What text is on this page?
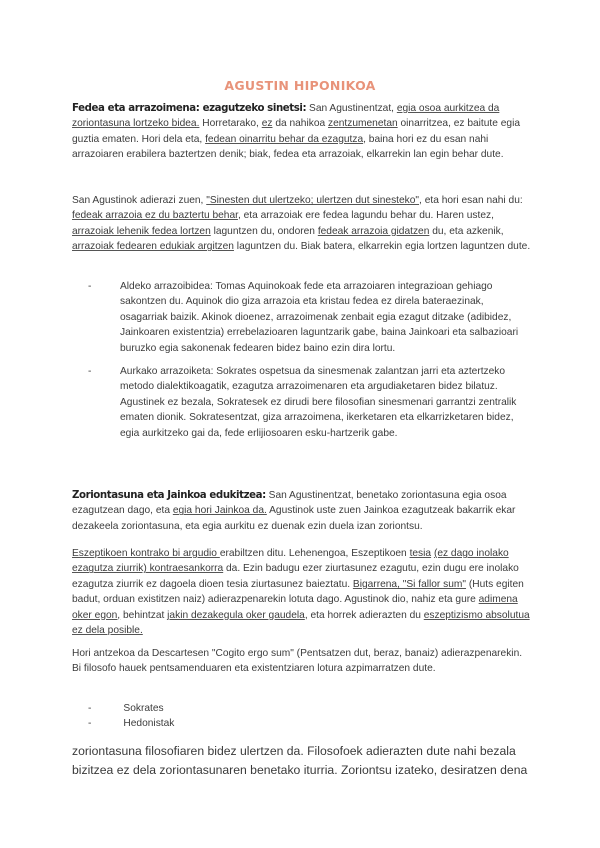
AGUSTIN HIPONIKOA

Fedea eta arrazoimena: ezagutzeko sinetsi: San Agustinentzat, egia osoa aurkitzea da zoriontasuna lortzeko bidea. Horretarako, ez da nahikoa zentzumenetan oinarritzea, ez baitute egia guztia ematen. Hori dela eta, fedean oinarritu behar da ezagutza, baina hori ez du esan nahi arrazoiaren erabilera baztertzen denik; biak, fedea eta arrazoiak, elkarrekin lan egin behar dute.

San Agustinok adierazi zuen, "Sinesten dut ulertzeko; ulertzen dut sinesteko", eta hori esan nahi du: fedeak arrazoia ez du baztertu behar, eta arrazoiak ere fedea lagundu behar du. Haren ustez, arrazoiak lehenik fedea lortzen laguntzen du, ondoren fedeak arrazoia gidatzen du, eta azkenik, arrazoiak fedearen edukiak argitzen laguntzen du. Biak batera, elkarrekin egia lortzen laguntzen dute.

-	Aldeko arrazoibidea: Tomas Aquinokoak fede eta arrazoiaren integrazioan gehiago sakontzen du. Aquinok dio giza arrazoia eta kristau fedea ez direla bateraezinak, osagarriak baizik. Akinok dioenez, arrazoimenak zenbait egia ezagut ditzake (adibidez, Jainkoaren existentzia) errebelazioaren laguntzarik gabe, baina Jainkoari eta salbazioari buruzko egia sakonenak fedearen bidez baino ezin dira lortu.
-	Aurkako arrazoiketa: Sokrates ospetsua da sinesmenak zalantzan jarri eta aztertzeko metodo dialektikoagatik, ezagutza arrazoimenaren eta argudiaketaren bidez bilatuz. Agustinek ez bezala, Sokratesek ez dirudi bere filosofian sinesmenari garrantzi zentralik ematen dionik. Sokratesentzat, giza arrazoimena, ikerketaren eta elkarrizketaren bidez, egia aurkitzeko gai da, fede erlijiosoaren esku-hartzerik gabe.

Zoriontasuna eta Jainkoa edukitzea: San Agustinentzat, benetako zoriontasuna egia osoa ezagutzean dago, eta egia hori Jainkoa da. Agustinok uste zuen Jainkoa ezagutzeak bakarrik ekar dezakeela zoriontasuna, eta egia aurkitu ez duenak ezin duela izan zoriontsu.

Eszeptikoen kontrako bi argudio erabiltzen ditu. Lehenengoa, Eszeptikoen tesia (ez dago inolako ezagutza ziurrik) kontraesankorra da. Ezin badugu ezer ziurtasunez ezagutu, ezin dugu ere inolako ezagutza ziurrik ez dagoela dioen tesia ziurtasunez baieztatu. Bigarrena, "Si fallor sum" (Huts egiten badut, orduan existitzen naiz) adierazpenarekin lotuta dago. Agustinok dio, nahiz eta gure adimena oker egon, behintzat jakin dezakegula oker gaudela, eta horrek adierazten du eszeptizismo absolutua ez dela posible.

Hori antzekoa da Descartesen "Cogito ergo sum" (Pentsatzen dut, beraz, banaiz) adierazpenarekin. Bi filosofo hauek pentsamenduaren eta existentziaren lotura azpimarratzen dute.

-	Sokrates
-	Hedonistak

zoriontasuna filosofiaren bidez ulertzen da. Filosofoek adierazten dute nahi bezala bizitzea ez dela zoriontasunaren benetako iturria. Zoriontsu izateko, desiratzen dena
